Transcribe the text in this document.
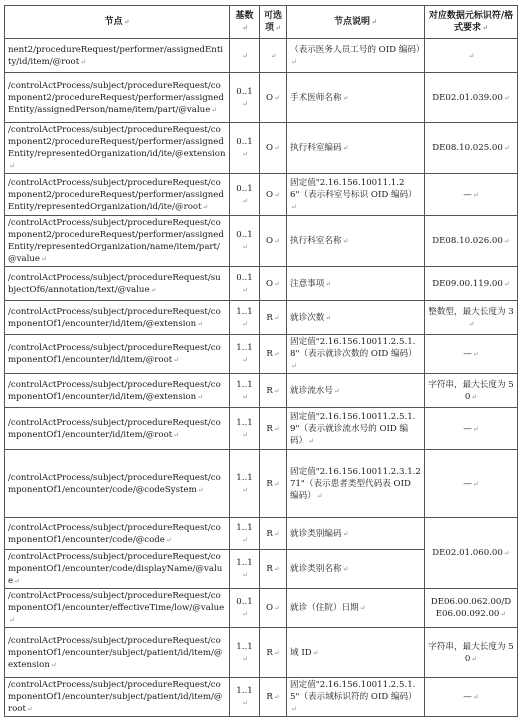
节点↵	基数↵	可选项↵	节点说明↵	对应数据元标识符/格式要求↵
nent2/procedureRequest/performer/assignedEntity/id/item/@root↵	↵	↵	（表示医务人员工号的 OID 编码）↵	↵
/controlActProcess/subject/procedureRequest/component2/procedureRequest/performer/assignedEntity/assignedPerson/name/item/part/@value↵	0..1↵	O↵	手术医师名称↵	DE02.01.039.00↵
/controlActProcess/subject/procedureRequest/component2/procedureRequest/performer/assignedEntity/representedOrganization/id/ite/@extension↵	0..1↵	O↵	执行科室编码↵	DE08.10.025.00↵
/controlActProcess/subject/procedureRequest/component2/procedureRequest/performer/assignedEntity/representedOrganization/id/ite/@root↵	0..1↵	O↵	固定值"2.16.156.10011.1.26"（表示科室号标识 OID 编码）↵	—↵
/controlActProcess/subject/procedureRequest/component2/procedureRequest/performer/assignedEntity/representedOrganization/name/item/part/@value↵	0..1↵	O↵	执行科室名称↵	DE08.10.026.00↵
/controlActProcess/subject/procedureRequest/subjectOf6/annotation/text/@value↵	0..1↵	O↵	注意事项↵	DE09.00.119.00↵
/controlActProcess/subject/procedureRequest/componentOf1/encounter/id/item/@extension↵	1..1↵	R↵	就诊次数↵	整数型，最大长度为 3↵
/controlActProcess/subject/procedureRequest/componentOf1/encounter/id/item/@root↵	1..1↵	R↵	固定值"2.16.156.10011.2.5.1.8"（表示就诊次数的 OID 编码）↵	—↵
/controlActProcess/subject/procedureRequest/componentOf1/encounter/id/item/@extension↵	1..1↵	R↵	就诊流水号↵	字符串，最大长度为 50↵
/controlActProcess/subject/procedureRequest/componentOf1/encounter/id/item/@root↵	1..1↵	R↵	固定值"2.16.156.10011.2.5.1.9"（表示就诊流水号的 OID 编码）↵	—↵
/controlActProcess/subject/procedureRequest/componentOf1/encounter/code/@codeSystem↵	1..1↵	R↵	固定值"2.16.156.10011.2.3.1.271"（表示患者类型代码表 OID 编码）↵	—↵
/controlActProcess/subject/procedureRequest/componentOf1/encounter/code/@code↵	1..1↵	R↵	就诊类别编码↵	DE02.01.060.00↵
/controlActProcess/subject/procedureRequest/componentOf1/encounter/code/displayName/@value↵	1..1↵	R↵	就诊类别名称↵	
/controlActProcess/subject/procedureRequest/componentOf1/encounter/effectiveTime/low/@value↵	0..1↵	O↵	就诊（住院）日期↵	DE06.00.062.00/DE06.00.092.00↵
/controlActProcess/subject/procedureRequest/componentOf1/encounter/subject/patient/id/item/@extension↵	1..1↵	R↵	域 ID↵	字符串，最大长度为 50↵
/controlActProcess/subject/procedureRequest/componentOf1/encounter/subject/patient/id/item/@root↵	1..1↵	R↵	固定值"2.16.156.10011.2.5.1.5"（表示域标识符的 OID 编码）↵	—↵
